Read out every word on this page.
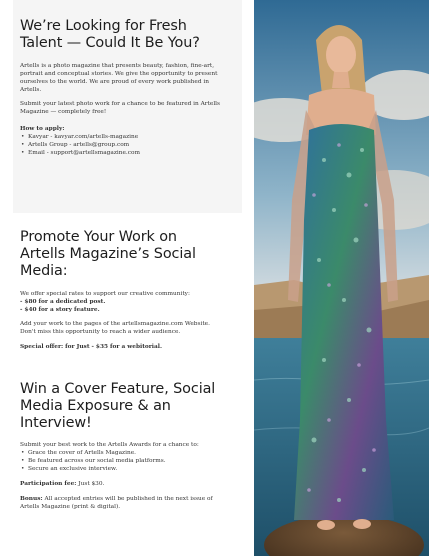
We’re Looking for Fresh Talent — Could It Be You?

Artells is a photo magazine that presents beauty, fashion, fine-art, portrait and conceptual stories. We give the opportunity to present ourselves to the world. We are proud of every work published in Artells.

Submit your latest photo work for a chance to be featured in Artells Magazine — completely free!

How to apply:

• Kavyar - kavyar.com/artells-magazine
• Artells Group - artells@group.com
• Email - support@artellsmagazine.com
Promote Your Work on Artells Magazine’s Social Media:

We offer special rates to support our creative community:

- $80 for a dedicated post.

- $40 for a story feature.

Add your work to the pages of the artellsmagazine.com Website. Don't miss this opportunity to reach a wider audience.

Special offer: for Just - $35 for a webitorial.

Win a Cover Feature, Social Media Exposure & an Interview!

Submit your best work to the Artells Awards for a chance to:

• Grace the cover of Artells Magazine.
• Be featured across our social media platforms.
• Secure an exclusive interview.

Participation fee: Just $30.

Bonus: All accepted entries will be published in the next issue of Artells Magazine (print & digital).
